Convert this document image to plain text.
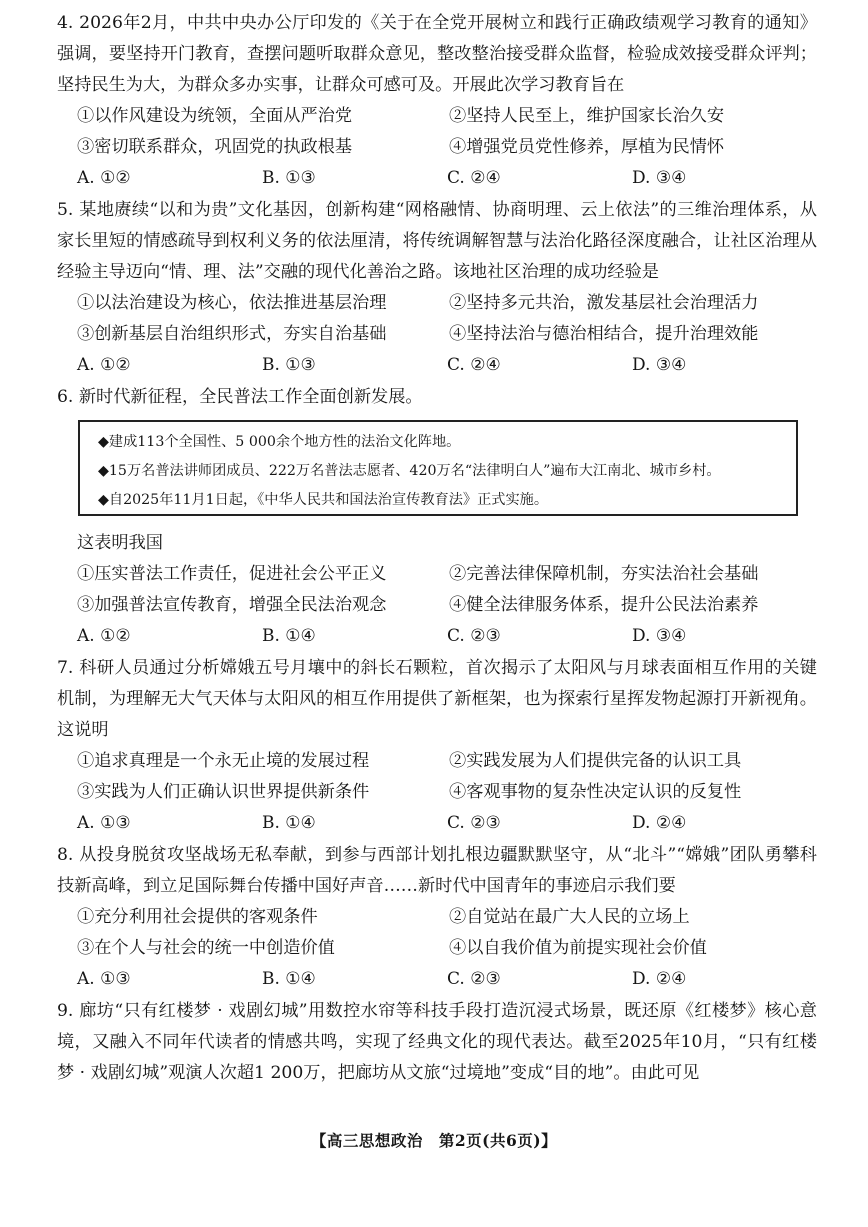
4. 2026年2月，中共中央办公厅印发的《关于在全党开展树立和践行正确政绩观学习教育的通知》强调，要坚持开门教育，查摆问题听取群众意见，整改整治接受群众监督，检验成效接受群众评判；坚持民生为大，为群众多办实事，让群众可感可及。开展此次学习教育旨在

①以作风建设为统领，全面从严治党	②坚持人民至上，维护国家长治久安
③密切联系群众，巩固党的执政根基	④增强党员党性修养，厚植为民情怀
A. ①②	B. ①③	C. ②④	D. ③④

5. 某地赓续“以和为贵”文化基因，创新构建“网格融情、协商明理、云上依法”的三维治理体系，从家长里短的情感疏导到权利义务的依法厘清，将传统调解智慧与法治化路径深度融合，让社区治理从经验主导迈向“情、理、法”交融的现代化善治之路。该地社区治理的成功经验是

①以法治建设为核心，依法推进基层治理	②坚持多元共治，激发基层社会治理活力
③创新基层自治组织形式，夯实自治基础	④坚持法治与德治相结合，提升治理效能
A. ①②	B. ①③	C. ②④	D. ③④

6. 新时代新征程，全民普法工作全面创新发展。

◆建成113个全国性、5 000余个地方性的法治文化阵地。
◆15万名普法讲师团成员、222万名普法志愿者、420万名“法律明白人”遍布大江南北、城市乡村。
◆自2025年11月1日起，《中华人民共和国法治宣传教育法》正式实施。

这表明我国

①压实普法工作责任，促进社会公平正义	②完善法律保障机制，夯实法治社会基础
③加强普法宣传教育，增强全民法治观念	④健全法律服务体系，提升公民法治素养
A. ①②	B. ①④	C. ②③	D. ③④

7. 科研人员通过分析嫦娥五号月壤中的斜长石颗粒，首次揭示了太阳风与月球表面相互作用的关键机制，为理解无大气天体与太阳风的相互作用提供了新框架，也为探索行星挥发物起源打开新视角。这说明

①追求真理是一个永无止境的发展过程	②实践发展为人们提供完备的认识工具
③实践为人们正确认识世界提供新条件	④客观事物的复杂性决定认识的反复性
A. ①③	B. ①④	C. ②③	D. ②④

8. 从投身脱贫攻坚战场无私奉献，到参与西部计划扎根边疆默默坚守，从“北斗”“嫦娥”团队勇攀科技新高峰，到立足国际舞台传播中国好声音……新时代中国青年的事迹启示我们要

①充分利用社会提供的客观条件	②自觉站在最广大人民的立场上
③在个人与社会的统一中创造价值	④以自我价值为前提实现社会价值
A. ①③	B. ①④	C. ②③	D. ②④

9. 廊坊“只有红楼梦 · 戏剧幻城”用数控水帘等科技手段打造沉浸式场景，既还原《红楼梦》核心意境，又融入不同年代读者的情感共鸣，实现了经典文化的现代表达。截至2025年10月，“只有红楼梦 · 戏剧幻城”观演人次超1 200万，把廊坊从文旅“过境地”变成“目的地”。由此可见

【高三思想政治　第2页(共6页)】
